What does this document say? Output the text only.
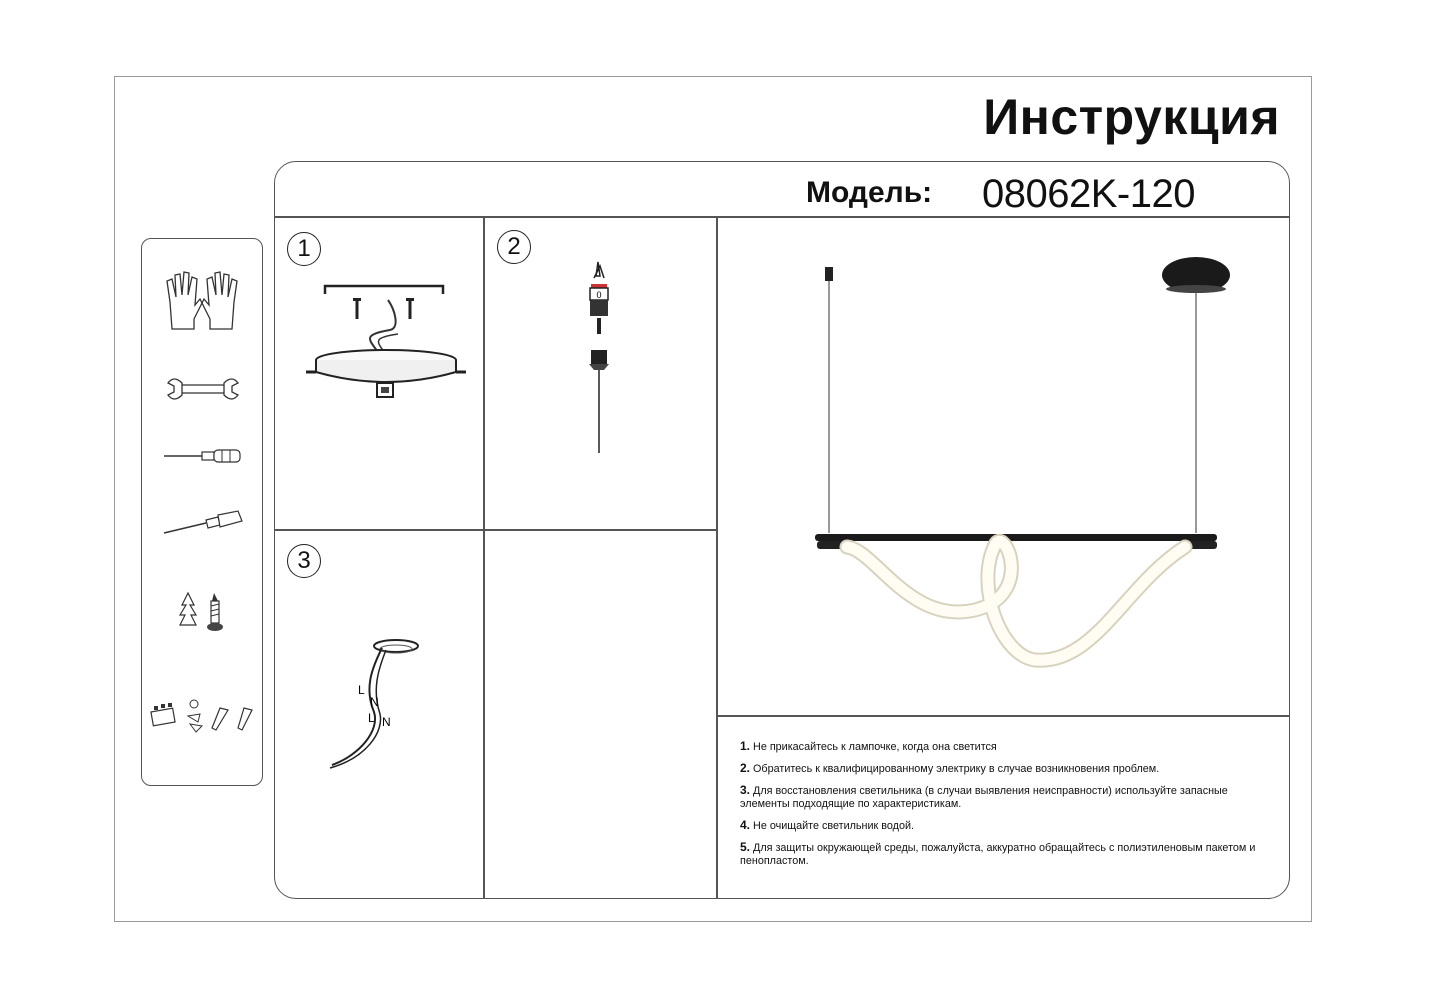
Инструкция
Модель: 08062K-120
1	2
3
0
L
N
L N
1. Не прикасайтесь к лампочке, когда она светится
2. Обратитесь к квалифицированному электрику в случае возникновения проблем.
3. Для восстановления светильника (в случаи выявления неисправности) используйте запасные элементы подходящие по характеристикам.
4. Не очищайте светильник водой.
5. Для защиты окружающей среды, пожалуйста, аккуратно обращайтесь с полиэтиленовым пакетом и пенопластом.
